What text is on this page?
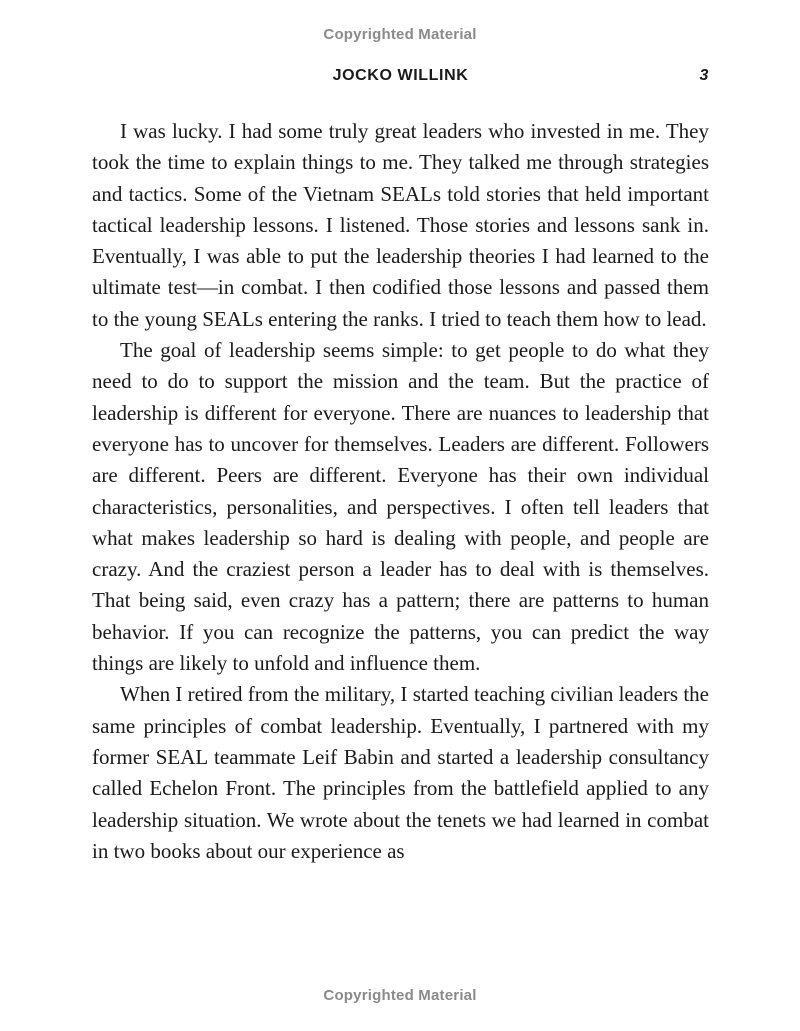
Copyrighted Material
JOCKO WILLINK	3

I was lucky. I had some truly great leaders who invested in me. They took the time to explain things to me. They talked me through strategies and tactics. Some of the Vietnam SEALs told stories that held important tactical leadership lessons. I listened. Those stories and lessons sank in. Eventually, I was able to put the leadership theories I had learned to the ultimate test—in combat. I then codified those lessons and passed them to the young SEALs entering the ranks. I tried to teach them how to lead.

The goal of leadership seems simple: to get people to do what they need to do to support the mission and the team. But the practice of leadership is different for everyone. There are nuances to leadership that everyone has to uncover for themselves. Leaders are different. Followers are different. Peers are different. Everyone has their own individual characteristics, personalities, and perspectives. I often tell leaders that what makes leadership so hard is dealing with people, and people are crazy. And the craziest person a leader has to deal with is themselves. That being said, even crazy has a pattern; there are patterns to human behavior. If you can recognize the patterns, you can predict the way things are likely to unfold and influence them.

When I retired from the military, I started teaching civilian leaders the same principles of combat leadership. Eventually, I partnered with my former SEAL teammate Leif Babin and started a leadership consultancy called Echelon Front. The principles from the battlefield applied to any leadership situation. We wrote about the tenets we had learned in combat in two books about our experience as

Copyrighted Material
